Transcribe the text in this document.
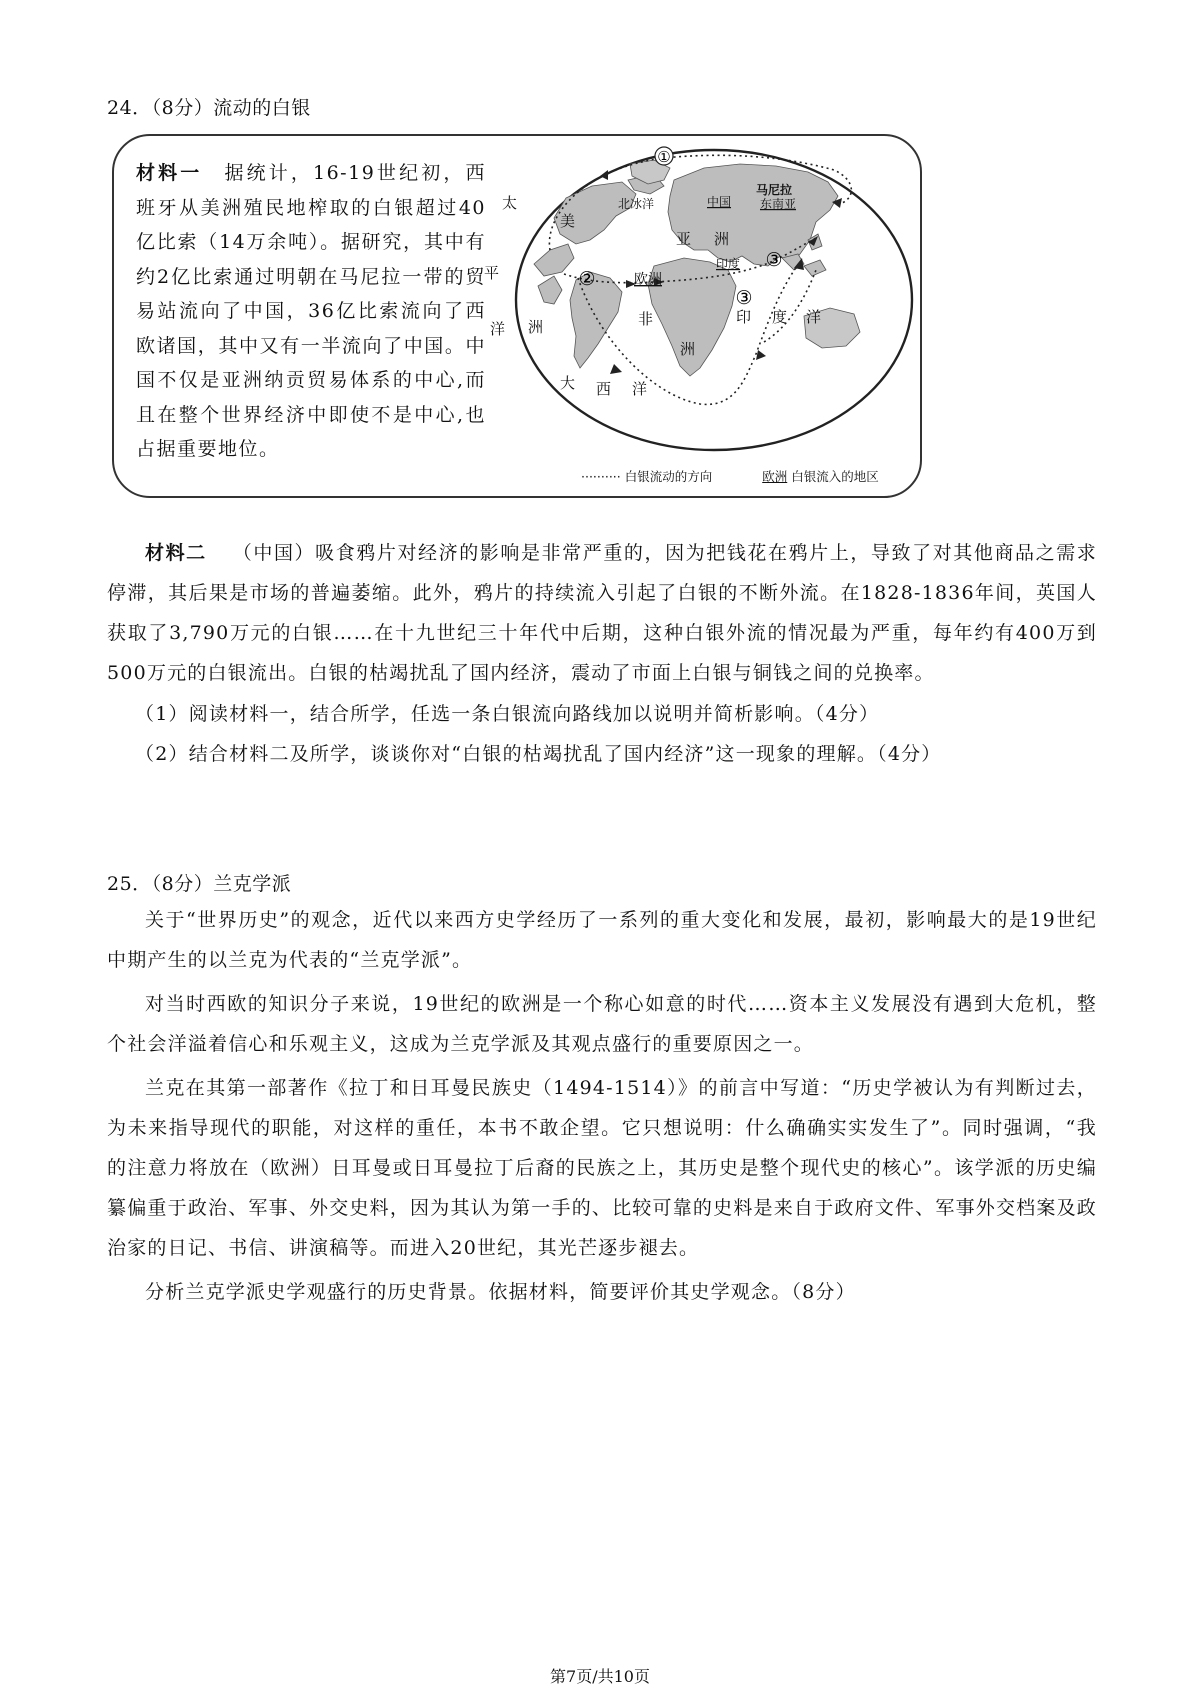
24．（8分）流动的白银
材料一 据统计，16-19世纪初，西班牙从美洲殖民地榨取的白银超过40亿比索（14万余吨）。据研究，其中有约2亿比索通过明朝在马尼拉一带的贸易站流向了中国，36亿比索流向了西欧诸国，其中又有一半流向了中国。中国不仅是亚洲纳贡贸易体系的中心,而且在整个世界经济中即使不是中心,也占据重要地位。
①
②
③
③
太
平
洋
美
洲
北冰洋	中国
马尼拉
东南亚
亚 洲
欧洲
印度
非
洲
印 度 洋
大 西 洋
·········· 白银流动的方向	欧洲 白银流入的地区
材料二 （中国）吸食鸦片对经济的影响是非常严重的，因为把钱花在鸦片上，导致了对其他商品之需求停滞，其后果是市场的普遍萎缩。此外，鸦片的持续流入引起了白银的不断外流。在1828-1836年间，英国人获取了3,790万元的白银……在十九世纪三十年代中后期，这种白银外流的情况最为严重，每年约有400万到500万元的白银流出。白银的枯竭扰乱了国内经济，震动了市面上白银与铜钱之间的兑换率。
（1）阅读材料一，结合所学，任选一条白银流向路线加以说明并简析影响。（4分）
（2）结合材料二及所学，谈谈你对“白银的枯竭扰乱了国内经济”这一现象的理解。（4分）
25．（8分）兰克学派
关于“世界历史”的观念，近代以来西方史学经历了一系列的重大变化和发展，最初，影响最大的是19世纪中期产生的以兰克为代表的“兰克学派”。
对当时西欧的知识分子来说，19世纪的欧洲是一个称心如意的时代……资本主义发展没有遇到大危机，整个社会洋溢着信心和乐观主义，这成为兰克学派及其观点盛行的重要原因之一。
兰克在其第一部著作《拉丁和日耳曼民族史（1494-1514）》的前言中写道：“历史学被认为有判断过去，为未来指导现代的职能，对这样的重任，本书不敢企望。它只想说明：什么确确实实发生了”。同时强调，“我的注意力将放在（欧洲）日耳曼或日耳曼拉丁后裔的民族之上，其历史是整个现代史的核心”。该学派的历史编纂偏重于政治、军事、外交史料，因为其认为第一手的、比较可靠的史料是来自于政府文件、军事外交档案及政治家的日记、书信、讲演稿等。而进入20世纪，其光芒逐步褪去。
分析兰克学派史学观盛行的历史背景。依据材料，简要评价其史学观念。（8分）
第7页/共10页
